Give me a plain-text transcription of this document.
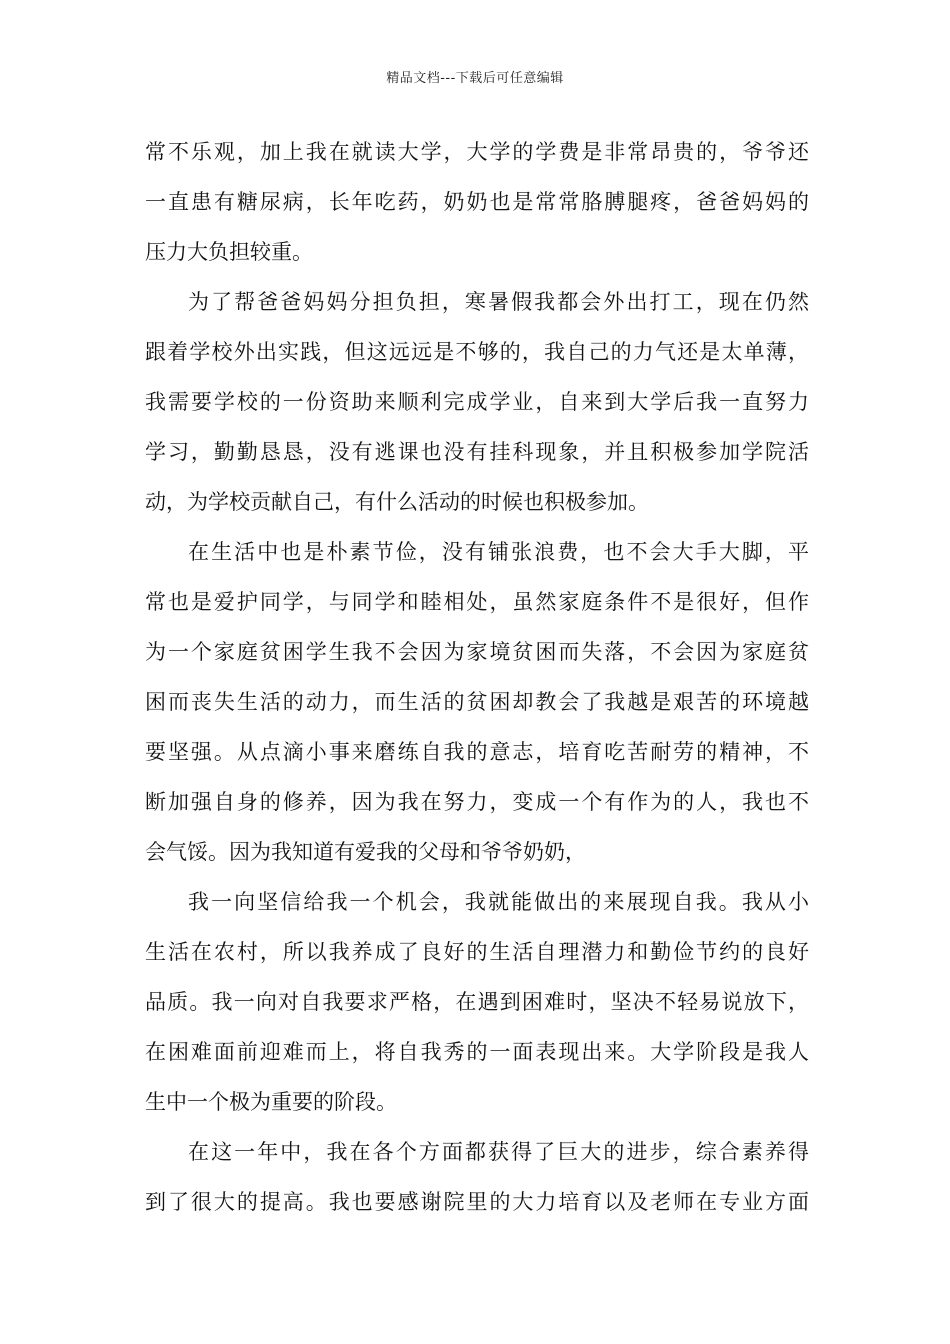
精品文档---下载后可任意编辑
常不乐观，加上我在就读大学，大学的学费是非常昂贵的，爷爷还
一直患有糖尿病，长年吃药，奶奶也是常常胳膊腿疼，爸爸妈妈的
压力大负担较重。
为了帮爸爸妈妈分担负担，寒暑假我都会外出打工，现在仍然
跟着学校外出实践，但这远远是不够的，我自己的力气还是太单薄，
我需要学校的一份资助来顺利完成学业，自来到大学后我一直努力
学习，勤勤恳恳，没有逃课也没有挂科现象，并且积极参加学院活
动，为学校贡献自己，有什么活动的时候也积极参加。
在生活中也是朴素节俭，没有铺张浪费，也不会大手大脚，平
常也是爱护同学，与同学和睦相处，虽然家庭条件不是很好，但作
为一个家庭贫困学生我不会因为家境贫困而失落，不会因为家庭贫
困而丧失生活的动力，而生活的贫困却教会了我越是艰苦的环境越
要坚强。从点滴小事来磨练自我的意志，培育吃苦耐劳的精神，不
断加强自身的修养，因为我在努力，变成一个有作为的人，我也不
会气馁。因为我知道有爱我的父母和爷爷奶奶，
我一向坚信给我一个机会，我就能做出的来展现自我。我从小
生活在农村，所以我养成了良好的生活自理潜力和勤俭节约的良好
品质。我一向对自我要求严格，在遇到困难时，坚决不轻易说放下，
在困难面前迎难而上，将自我秀的一面表现出来。大学阶段是我人
生中一个极为重要的阶段。
在这一年中，我在各个方面都获得了巨大的进步，综合素养得
到了很大的提高。我也要感谢院里的大力培育以及老师在专业方面
